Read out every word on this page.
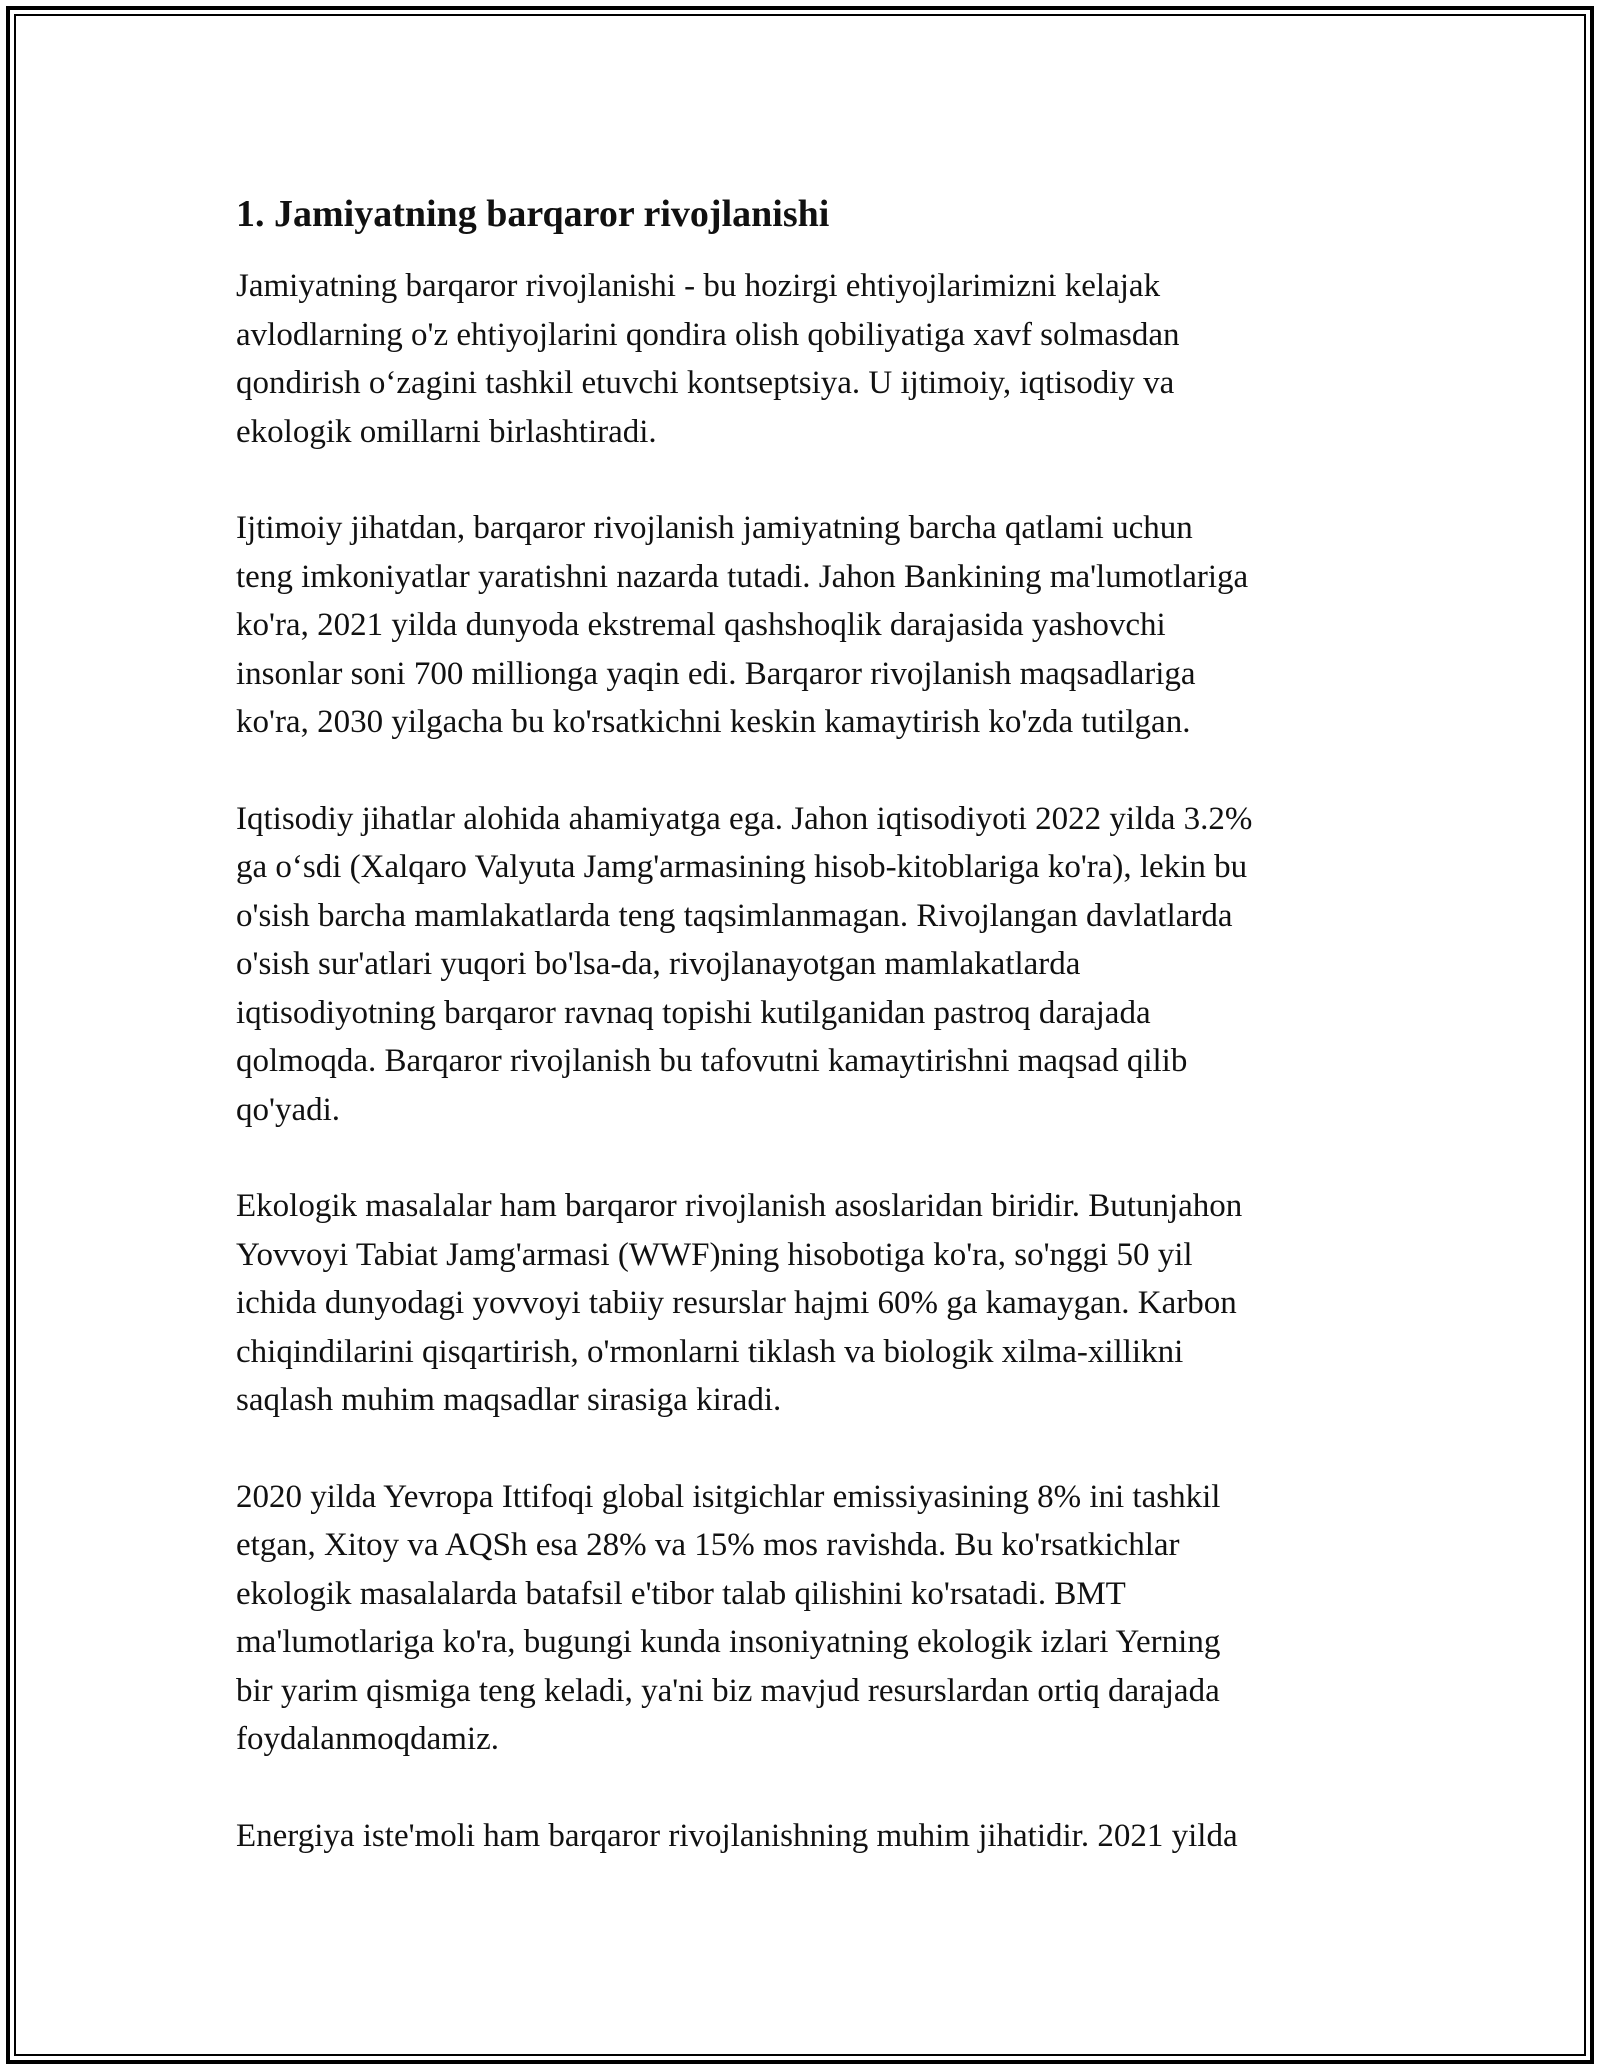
1. Jamiyatning barqaror rivojlanishi

Jamiyatning barqaror rivojlanishi - bu hozirgi ehtiyojlarimizni kelajak
avlodlarning o'z ehtiyojlarini qondira olish qobiliyatiga xavf solmasdan
qondirish o‘zagini tashkil etuvchi kontseptsiya. U ijtimoiy, iqtisodiy va
ekologik omillarni birlashtiradi.

Ijtimoiy jihatdan, barqaror rivojlanish jamiyatning barcha qatlami uchun
teng imkoniyatlar yaratishni nazarda tutadi. Jahon Bankining ma'lumotlariga
ko'ra, 2021 yilda dunyoda ekstremal qashshoqlik darajasida yashovchi
insonlar soni 700 millionga yaqin edi. Barqaror rivojlanish maqsadlariga
ko'ra, 2030 yilgacha bu ko'rsatkichni keskin kamaytirish ko'zda tutilgan.

Iqtisodiy jihatlar alohida ahamiyatga ega. Jahon iqtisodiyoti 2022 yilda 3.2%
ga o‘sdi (Xalqaro Valyuta Jamg'armasining hisob-kitoblariga ko'ra), lekin bu
o'sish barcha mamlakatlarda teng taqsimlanmagan. Rivojlangan davlatlarda
o'sish sur'atlari yuqori bo'lsa-da, rivojlanayotgan mamlakatlarda
iqtisodiyotning barqaror ravnaq topishi kutilganidan pastroq darajada
qolmoqda. Barqaror rivojlanish bu tafovutni kamaytirishni maqsad qilib
qo'yadi.

Ekologik masalalar ham barqaror rivojlanish asoslaridan biridir. Butunjahon
Yovvoyi Tabiat Jamg'armasi (WWF)ning hisobotiga ko'ra, so'nggi 50 yil
ichida dunyodagi yovvoyi tabiiy resurslar hajmi 60% ga kamaygan. Karbon
chiqindilarini qisqartirish, o'rmonlarni tiklash va biologik xilma-xillikni
saqlash muhim maqsadlar sirasiga kiradi.

2020 yilda Yevropa Ittifoqi global isitgichlar emissiyasining 8% ini tashkil
etgan, Xitoy va AQSh esa 28% va 15% mos ravishda. Bu ko'rsatkichlar
ekologik masalalarda batafsil e'tibor talab qilishini ko'rsatadi. BMT
ma'lumotlariga ko'ra, bugungi kunda insoniyatning ekologik izlari Yerning
bir yarim qismiga teng keladi, ya'ni biz mavjud resurslardan ortiq darajada
foydalanmoqdamiz.

Energiya iste'moli ham barqaror rivojlanishning muhim jihatidir. 2021 yilda
